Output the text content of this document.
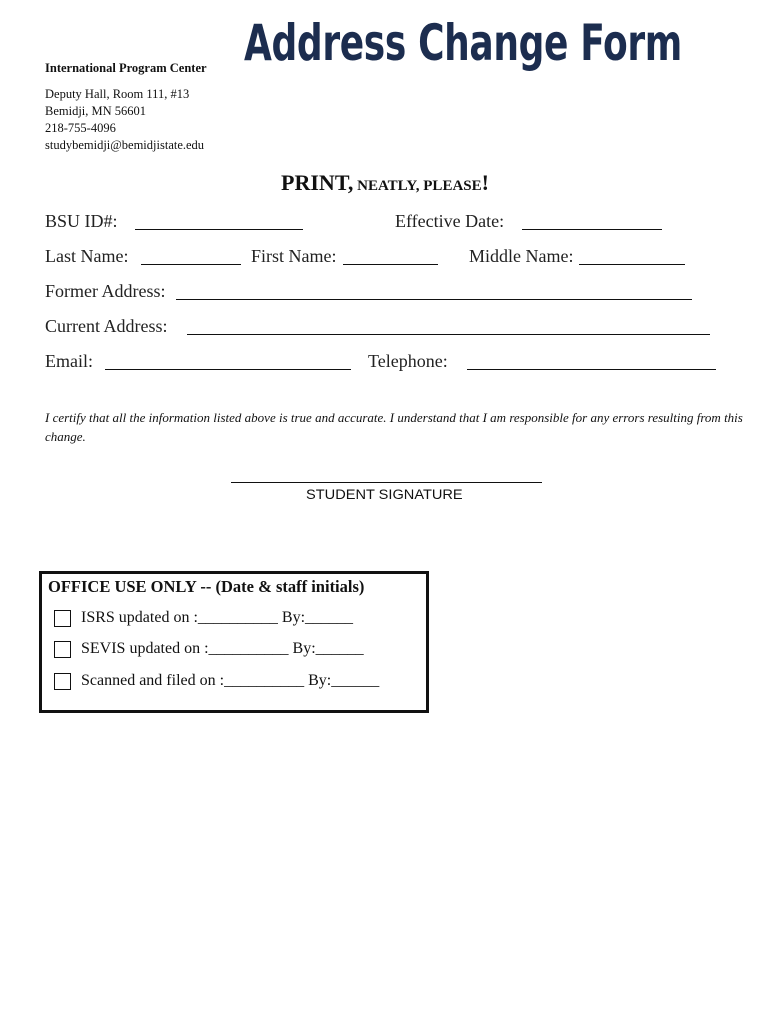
Address Change Form
International Program Center
Deputy Hall, Room 111, #13
Bemidji, MN 56601
218-755-4096
studybemidji@bemidjistate.edu
PRINT, NEATLY, PLEASE!
BSU ID#:	Effective Date:
Last Name:	First Name:	Middle Name:
Former Address:
Current Address:
Email:	Telephone:
I certify that all the information listed above is true and accurate. I understand that I am responsible for any errors resulting from this change.
STUDENT SIGNATURE
OFFICE USE ONLY -- (Date & staff initials)
ISRS updated on :__________ By:______
SEVIS updated on :__________ By:______
Scanned and filed on :__________ By:______
